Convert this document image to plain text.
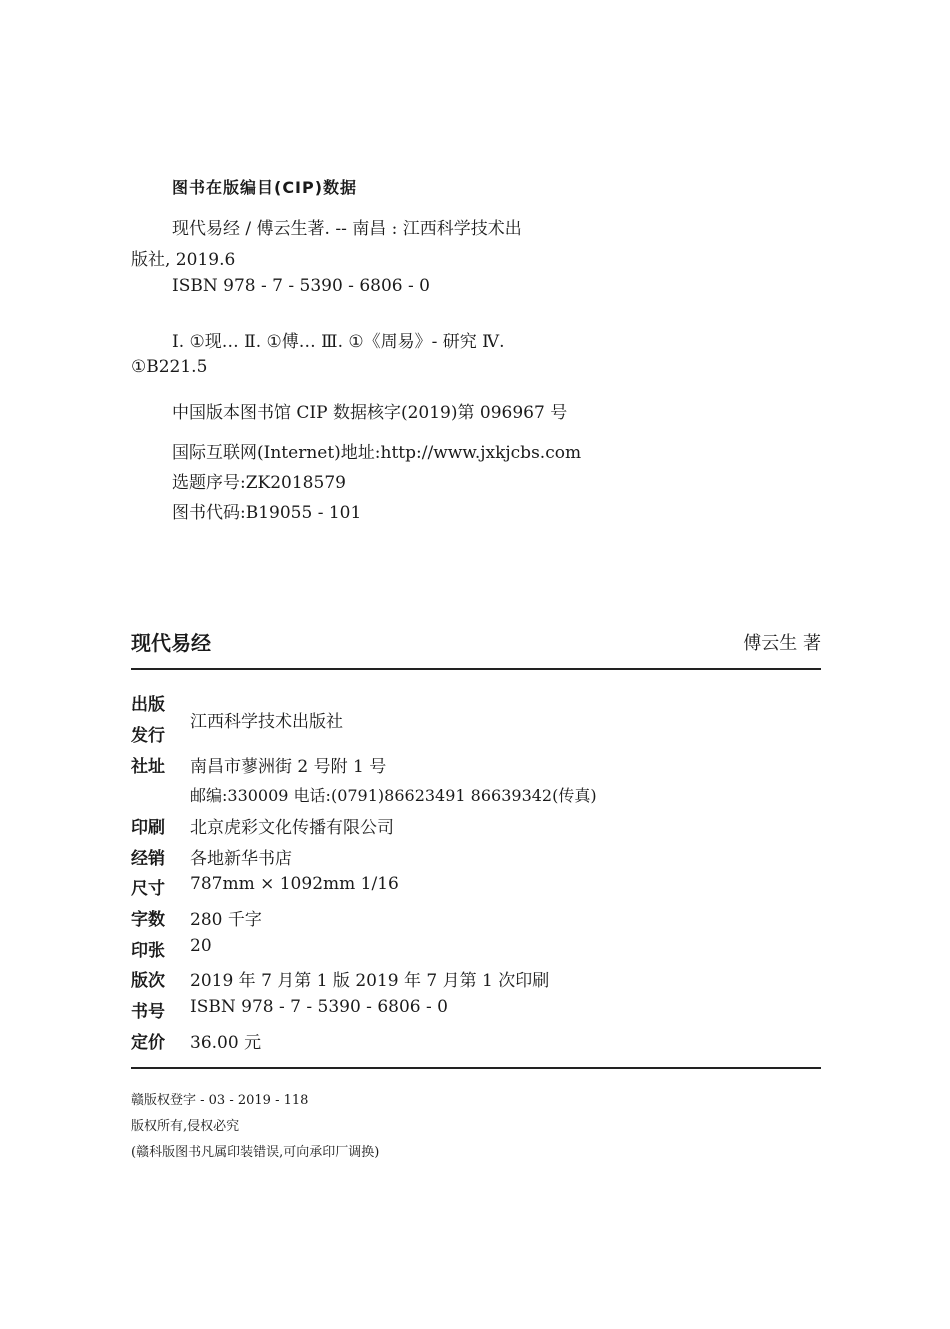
图书在版编目(CIP)数据
现代易经 / 傅云生著. -- 南昌 : 江西科学技术出
版社, 2019.6
ISBN 978 - 7 - 5390 - 6806 - 0
Ⅰ. ①现… Ⅱ. ①傅… Ⅲ. ①《周易》- 研究 Ⅳ.
①B221.5
中国版本图书馆 CIP 数据核字(2019)第 096967 号
国际互联网(Internet)地址:http://www.jxkjcbs.com
选题序号:ZK2018579
图书代码:B19055 - 101
现代易经	傅云生 著
出版
发行
江西科学技术出版社
社址 南昌市蓼洲街 2 号附 1 号
邮编:330009 电话:(0791)86623491 86639342(传真)
印刷 北京虎彩文化传播有限公司
经销 各地新华书店
尺寸 787mm × 1092mm 1/16
字数 280 千字
印张 20
版次 2019 年 7 月第 1 版 2019 年 7 月第 1 次印刷
书号 ISBN 978 - 7 - 5390 - 6806 - 0
定价 36.00 元
赣版权登字 - 03 - 2019 - 118
版权所有,侵权必究
(赣科版图书凡属印装错误,可向承印厂调换)
